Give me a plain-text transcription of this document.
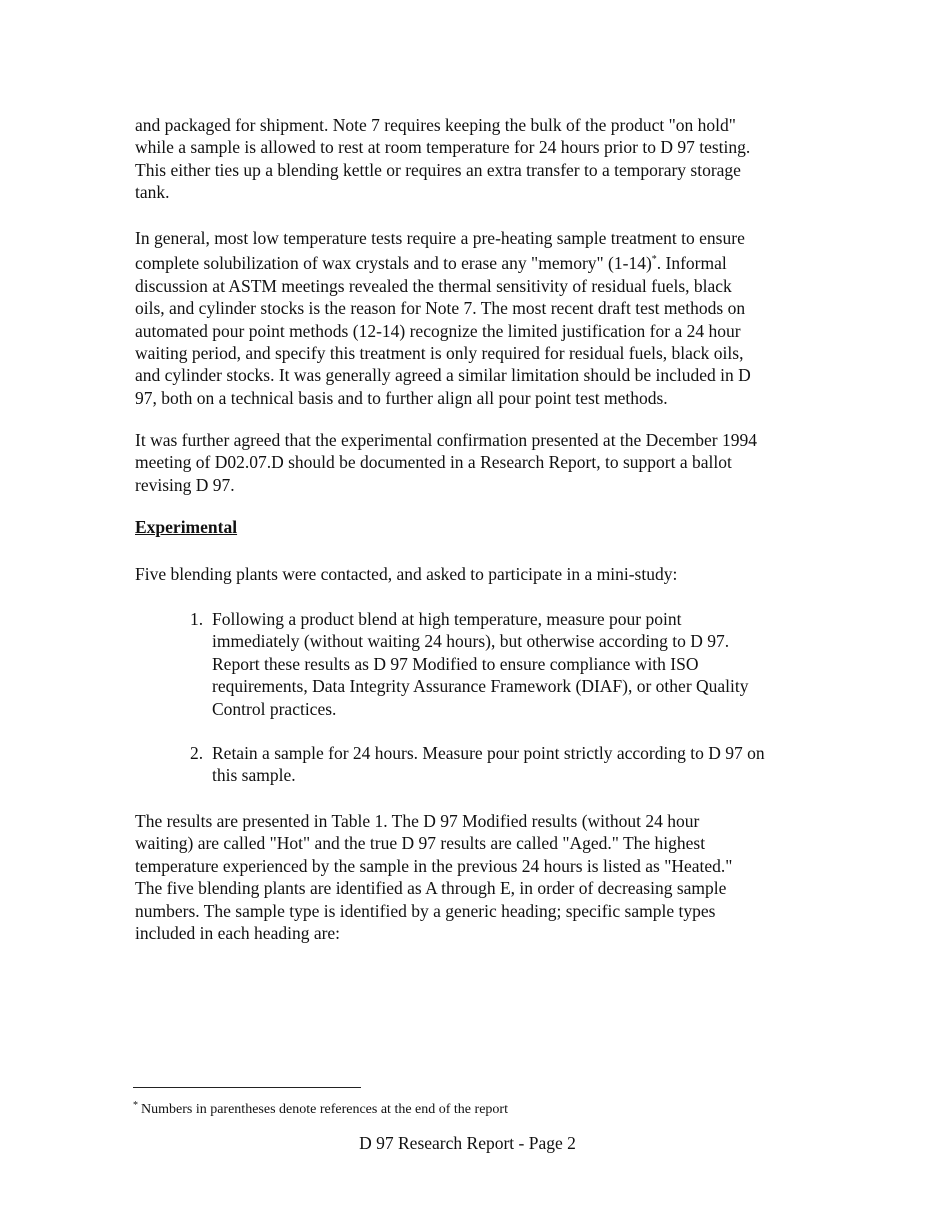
and packaged for shipment. Note 7 requires keeping the bulk of the product "on hold"
while a sample is allowed to rest at room temperature for 24 hours prior to D 97 testing.
This either ties up a blending kettle or requires an extra transfer to a temporary storage
tank.

In general, most low temperature tests require a pre-heating sample treatment to ensure
complete solubilization of wax crystals and to erase any "memory" (1-14)*. Informal
discussion at ASTM meetings revealed the thermal sensitivity of residual fuels, black
oils, and cylinder stocks is the reason for Note 7. The most recent draft test methods on
automated pour point methods (12-14) recognize the limited justification for a 24 hour
waiting period, and specify this treatment is only required for residual fuels, black oils,
and cylinder stocks. It was generally agreed a similar limitation should be included in D
97, both on a technical basis and to further align all pour point test methods.

It was further agreed that the experimental confirmation presented at the December 1994
meeting of D02.07.D should be documented in a Research Report, to support a ballot
revising D 97.

Experimental

Five blending plants were contacted, and asked to participate in a mini-study:

1. Following a product blend at high temperature, measure pour point
immediately (without waiting 24 hours), but otherwise according to D 97.
Report these results as D 97 Modified to ensure compliance with ISO
requirements, Data Integrity Assurance Framework (DIAF), or other Quality
Control practices.
2. Retain a sample for 24 hours. Measure pour point strictly according to D 97 on
this sample.

The results are presented in Table 1. The D 97 Modified results (without 24 hour
waiting) are called "Hot" and the true D 97 results are called "Aged." The highest
temperature experienced by the sample in the previous 24 hours is listed as "Heated."
The five blending plants are identified as A through E, in order of decreasing sample
numbers. The sample type is identified by a generic heading; specific sample types
included in each heading are:

* Numbers in parentheses denote references at the end of the report
D 97 Research Report - Page 2
